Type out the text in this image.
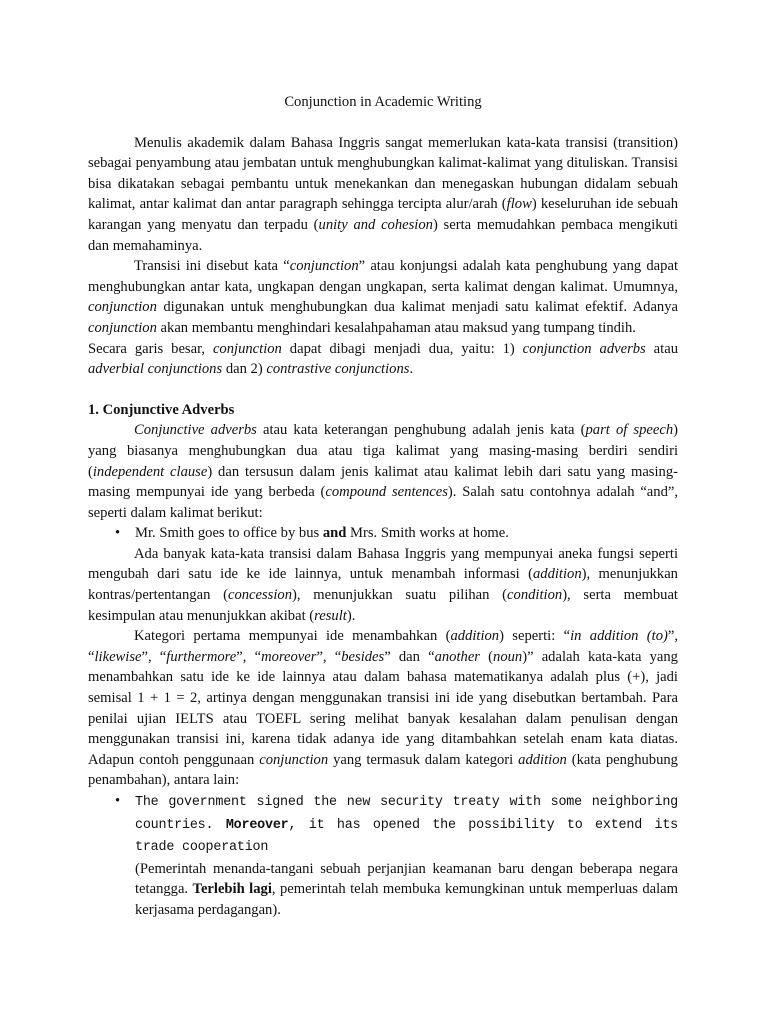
Conjunction in Academic Writing

Menulis akademik dalam Bahasa Inggris sangat memerlukan kata-kata transisi (transition) sebagai penyambung atau jembatan untuk menghubungkan kalimat-kalimat yang dituliskan. Transisi bisa dikatakan sebagai pembantu untuk menekankan dan menegaskan hubungan didalam sebuah kalimat, antar kalimat dan antar paragraph sehingga tercipta alur/arah (flow) keseluruhan ide sebuah karangan yang menyatu dan terpadu (unity and cohesion) serta memudahkan pembaca mengikuti dan memahaminya.

Transisi ini disebut kata “conjunction” atau konjungsi adalah kata penghubung yang dapat menghubungkan antar kata, ungkapan dengan ungkapan, serta kalimat dengan kalimat. Umumnya, conjunction digunakan untuk menghubungkan dua kalimat menjadi satu kalimat efektif. Adanya conjunction akan membantu menghindari kesalahpahaman atau maksud yang tumpang tindih.

Secara garis besar, conjunction dapat dibagi menjadi dua, yaitu: 1) conjunction adverbs atau adverbial conjunctions dan 2) contrastive conjunctions.

1. Conjunctive Adverbs

Conjunctive adverbs atau kata keterangan penghubung adalah jenis kata (part of speech) yang biasanya menghubungkan dua atau tiga kalimat yang masing-masing berdiri sendiri (independent clause) dan tersusun dalam jenis kalimat atau kalimat lebih dari satu yang masing-masing mempunyai ide yang berbeda (compound sentences). Salah satu contohnya adalah “and”, seperti dalam kalimat berikut:

• Mr. Smith goes to office by bus and Mrs. Smith works at home.

Ada banyak kata-kata transisi dalam Bahasa Inggris yang mempunyai aneka fungsi seperti mengubah dari satu ide ke ide lainnya, untuk menambah informasi (addition), menunjukkan kontras/pertentangan (concession), menunjukkan suatu pilihan (condition), serta membuat kesimpulan atau menunjukkan akibat (result).

Kategori pertama mempunyai ide menambahkan (addition) seperti: “in addition (to)”, “likewise”, “furthermore”, “moreover”, “besides” dan “another (noun)” adalah kata-kata yang menambahkan satu ide ke ide lainnya atau dalam bahasa matematikanya adalah plus (+), jadi semisal 1 + 1 = 2, artinya dengan menggunakan transisi ini ide yang disebutkan bertambah. Para penilai ujian IELTS atau TOEFL sering melihat banyak kesalahan dalam penulisan dengan menggunakan transisi ini, karena tidak adanya ide yang ditambahkan setelah enam kata diatas. Adapun contoh penggunaan conjunction yang termasuk dalam kategori addition (kata penghubung penambahan), antara lain:

• The government signed the new security treaty with some neighboring countries. Moreover, it has opened the possibility to extend its trade cooperation
(Pemerintah menanda-tangani sebuah perjanjian keamanan baru dengan beberapa negara tetangga. Terlebih lagi, pemerintah telah membuka kemungkinan untuk memperluas dalam kerjasama perdagangan).
